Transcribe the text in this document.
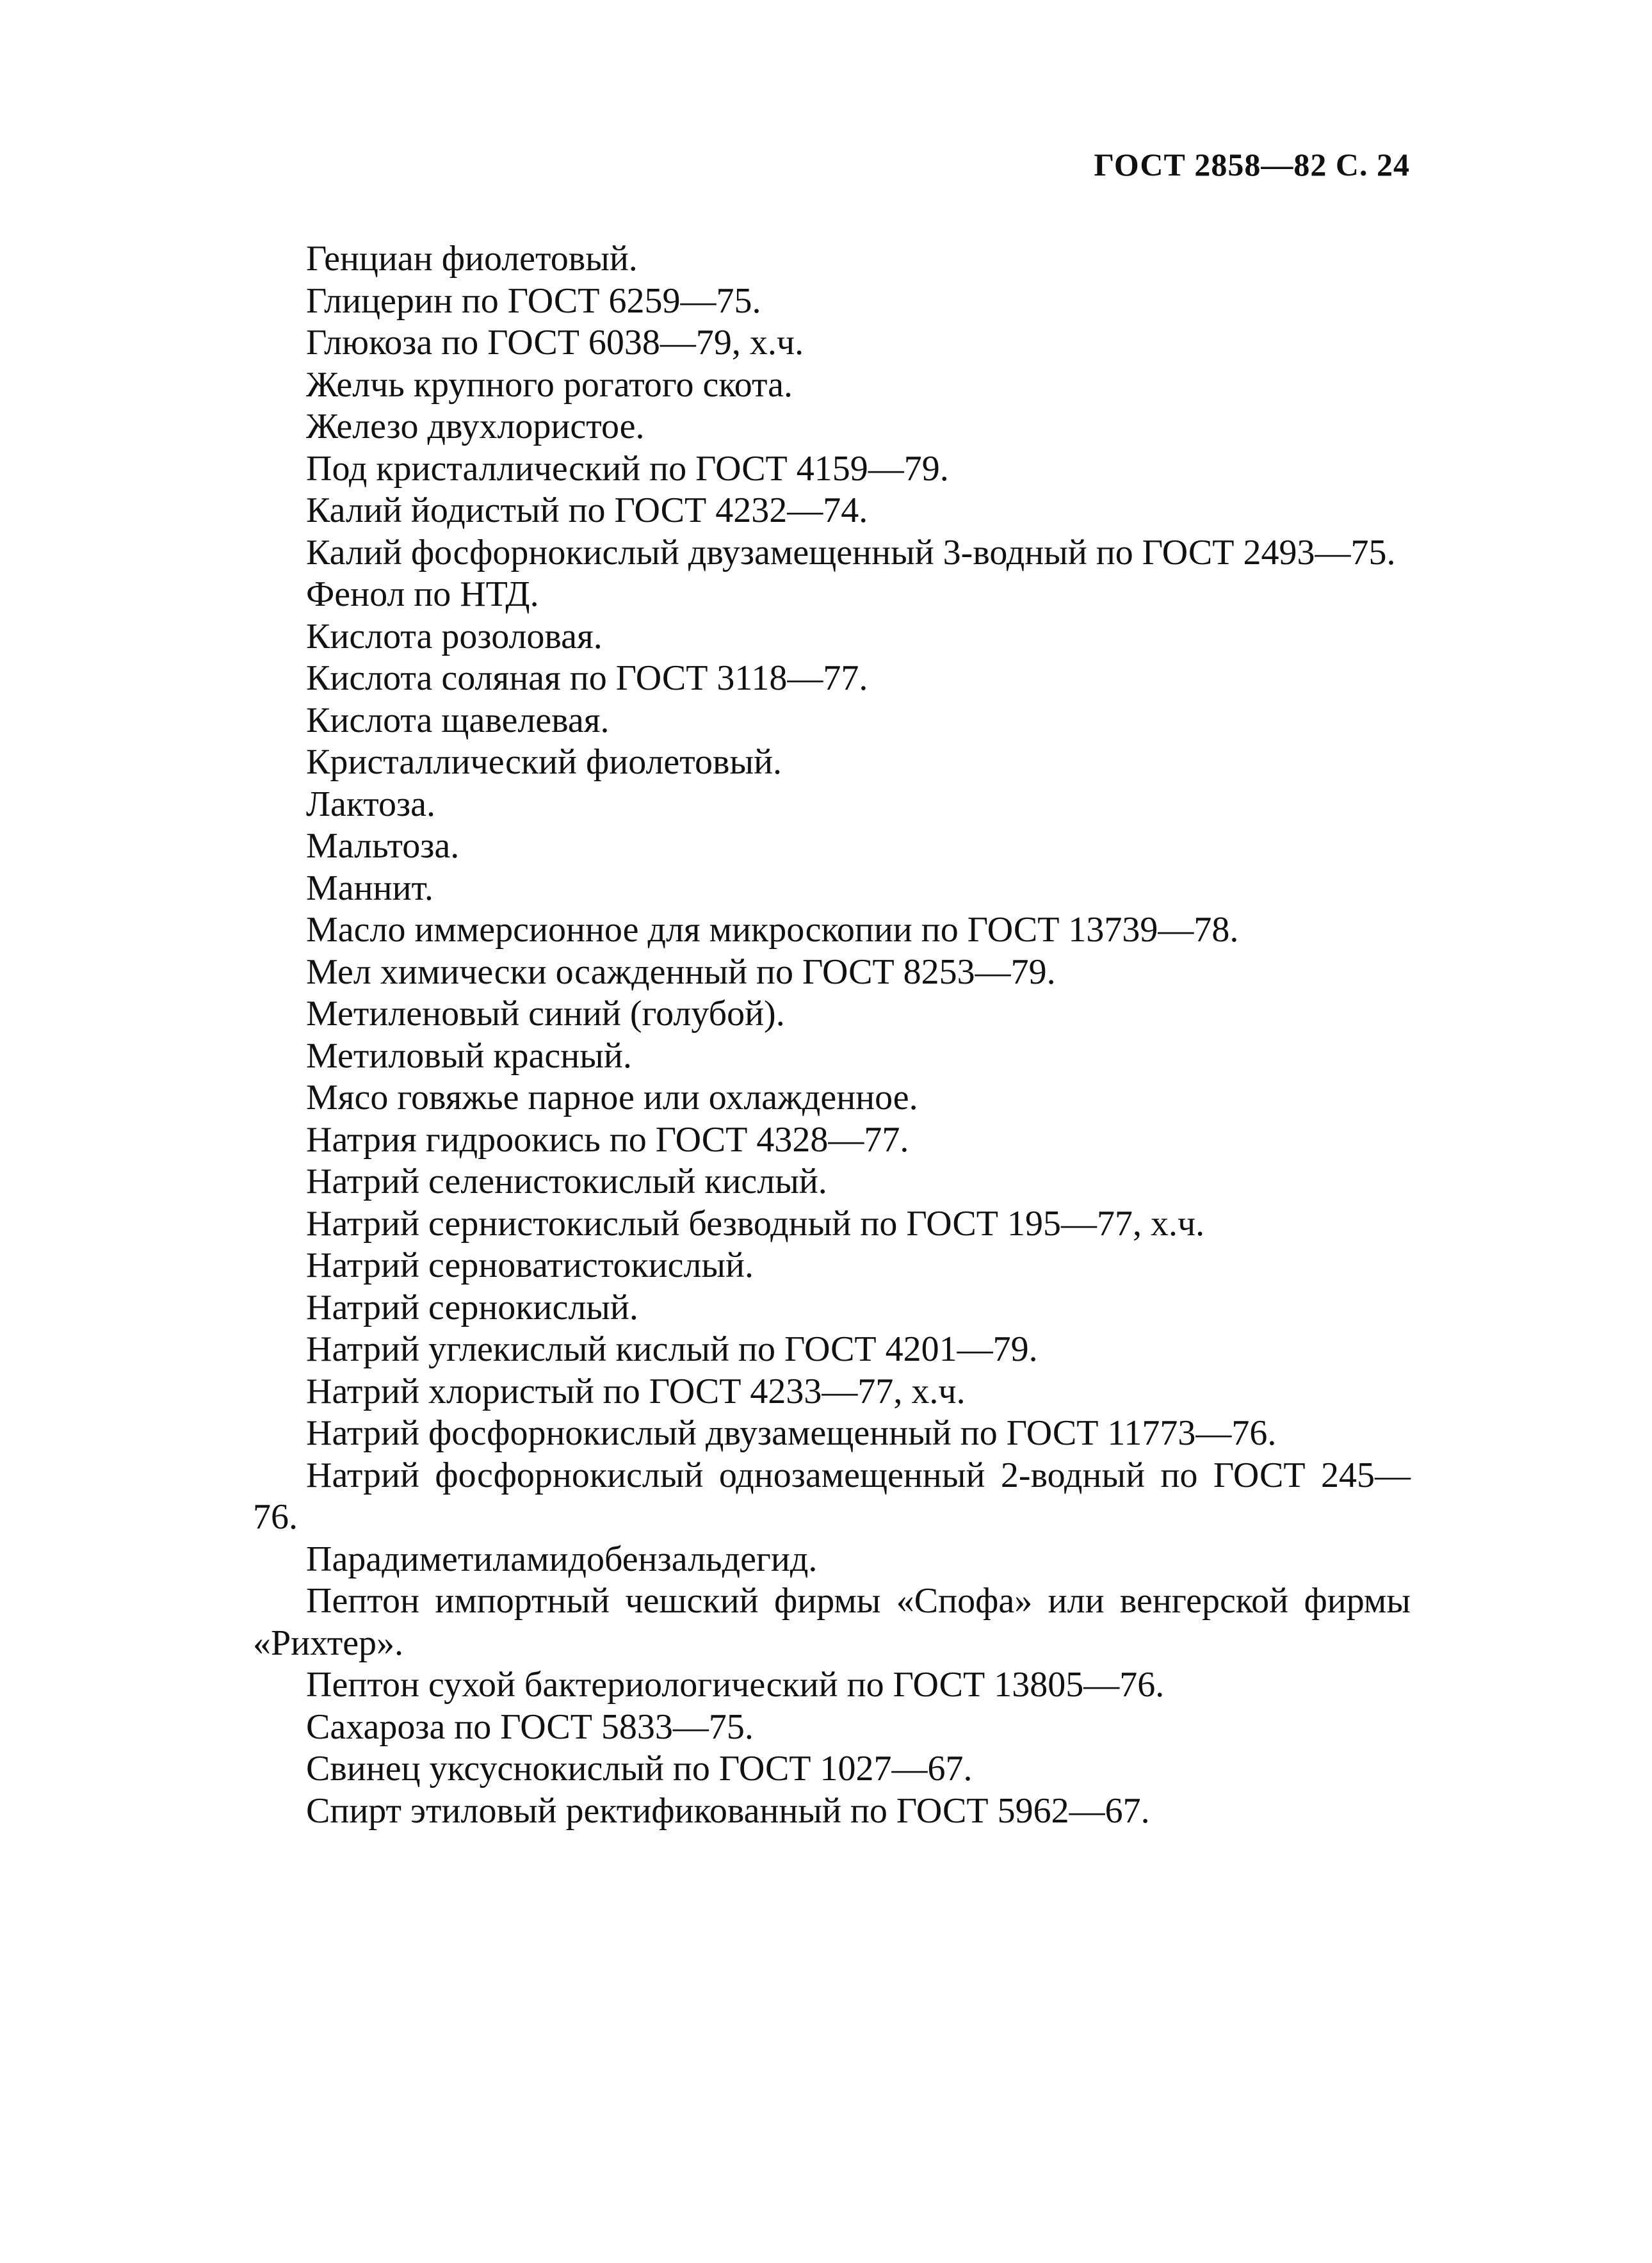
ГОСТ 2858—82 С. 24

Генциан фиолетовый.

Глицерин по ГОСТ 6259—75.

Глюкоза по ГОСТ 6038—79, х.ч.

Желчь крупного рогатого скота.

Железо двухлористое.

Под кристаллический по ГОСТ 4159—79.

Калий йодистый по ГОСТ 4232—74.

Калий фосфорнокислый двузамещенный 3-водный по ГОСТ 2493—75.

Фенол по НТД.

Кислота розоловая.

Кислота соляная по ГОСТ 3118—77.

Кислота щавелевая.

Кристаллический фиолетовый.

Лактоза.

Мальтоза.

Маннит.

Масло иммерсионное для микроскопии по ГОСТ 13739—78.

Мел химически осажденный по ГОСТ 8253—79.

Метиленовый синий (голубой).

Метиловый красный.

Мясо говяжье парное или охлажденное.

Натрия гидроокись по ГОСТ 4328—77.

Натрий селенистокислый кислый.

Натрий сернистокислый безводный по ГОСТ 195—77, х.ч.

Натрий серноватистокислый.

Натрий сернокислый.

Натрий углекислый кислый по ГОСТ 4201—79.

Натрий хлористый по ГОСТ 4233—77, х.ч.

Натрий фосфорнокислый двузамещенный по ГОСТ 11773—76.

Натрий фосфорнокислый однозамещенный 2-водный по ГОСТ 245—76.

Парадиметиламидобензальдегид.

Пептон импортный чешский фирмы «Спофа» или венгерской фирмы «Рихтер».

Пептон сухой бактериологический по ГОСТ 13805—76.

Сахароза по ГОСТ 5833—75.

Свинец уксуснокислый по ГОСТ 1027—67.

Спирт этиловый ректификованный по ГОСТ 5962—67.
